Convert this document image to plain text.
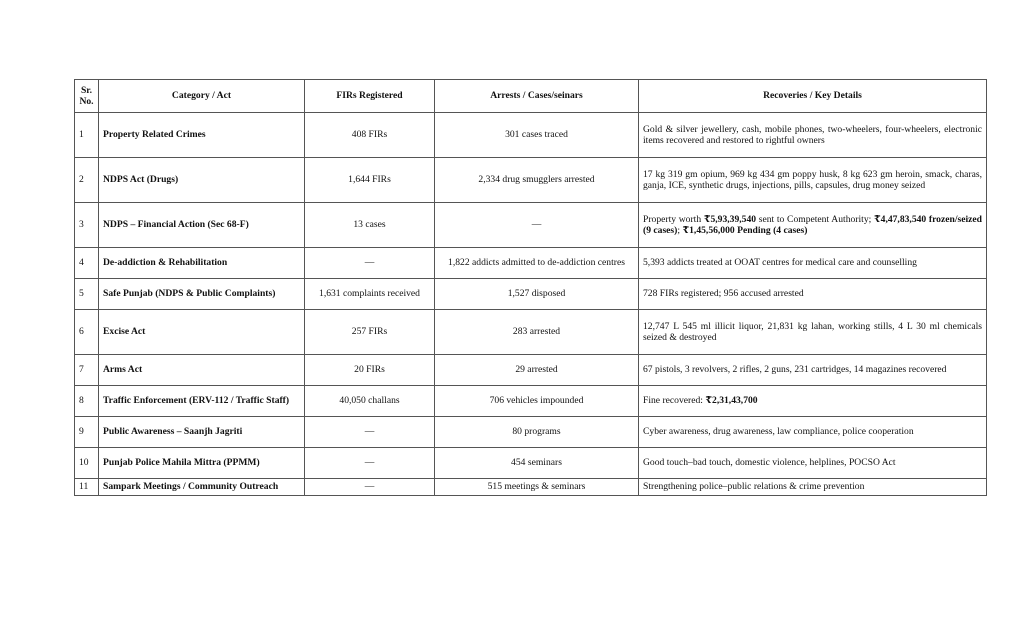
Sr. No.	Category / Act	FIRs Registered	Arrests / Cases/seinars	Recoveries / Key Details
1	Property Related Crimes	408 FIRs	301 cases traced	Gold & silver jewellery, cash, mobile phones, two-wheelers, four-wheelers, electronic items recovered and restored to rightful owners
2	NDPS Act (Drugs)	1,644 FIRs	2,334 drug smugglers arrested	17 kg 319 gm opium, 969 kg 434 gm poppy husk, 8 kg 623 gm heroin, smack, charas, ganja, ICE, synthetic drugs, injections, pills, capsules, drug money seized
3	NDPS – Financial Action (Sec 68-F)	13 cases	—	Property worth ₹5,93,39,540 sent to Competent Authority; ₹4,47,83,540 frozen/seized (9 cases); ₹1,45,56,000 Pending (4 cases)
4	De-addiction & Rehabilitation	—	1,822 addicts admitted to de-addiction centres	5,393 addicts treated at OOAT centres for medical care and counselling
5	Safe Punjab (NDPS & Public Complaints)	1,631 complaints received	1,527 disposed	728 FIRs registered; 956 accused arrested
6	Excise Act	257 FIRs	283 arrested	12,747 L 545 ml illicit liquor, 21,831 kg lahan, working stills, 4 L 30 ml chemicals seized & destroyed
7	Arms Act	20 FIRs	29 arrested	67 pistols, 3 revolvers, 2 rifles, 2 guns, 231 cartridges, 14 magazines recovered
8	Traffic Enforcement (ERV-112 / Traffic Staff)	40,050 challans	706 vehicles impounded	Fine recovered: ₹2,31,43,700
9	Public Awareness – Saanjh Jagriti	—	80 programs	Cyber awareness, drug awareness, law compliance, police cooperation
10	Punjab Police Mahila Mittra (PPMM)	—	454 seminars	Good touch–bad touch, domestic violence, helplines, POCSO Act
11	Sampark Meetings / Community Outreach	—	515 meetings & seminars	Strengthening police–public relations & crime prevention
